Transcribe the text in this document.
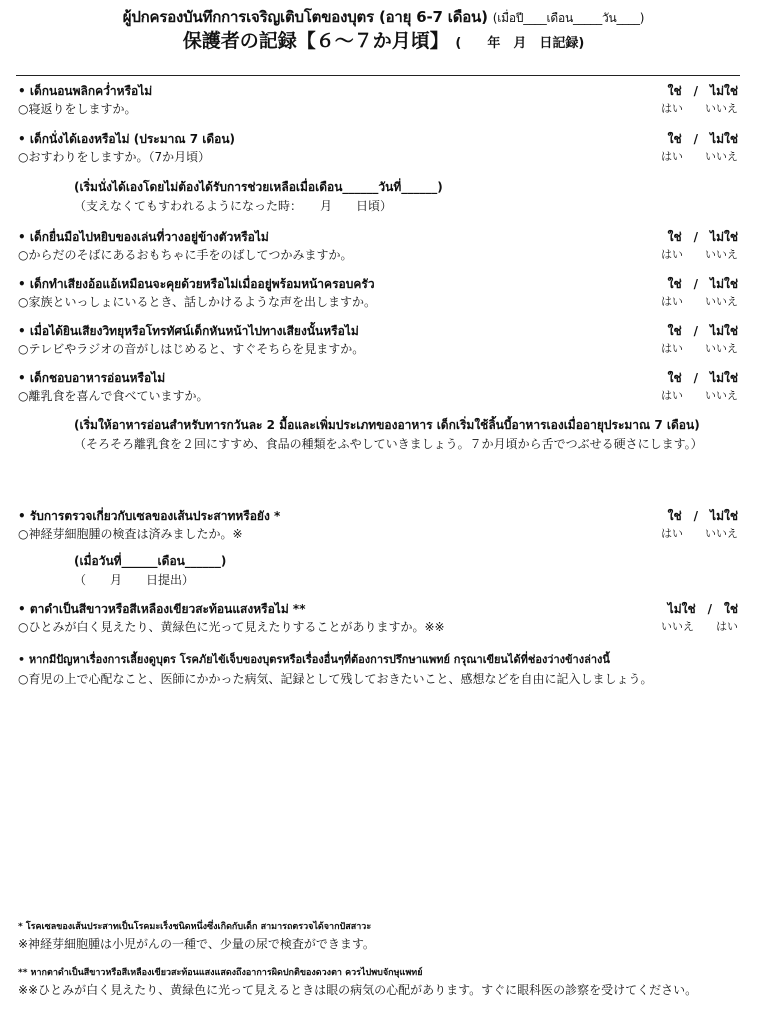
ผู้ปกครองบันทึกการเจริญเติบโตของบุตร (อายุ 6-7 เดือน) (เมื่อปี____เดือน_____วัน____)
保護者の記録【６～７か月頃】 (　　年　月　日記録)
• เด็กนอนพลิกคว่ำหรือไม่
○寝返りをしますか。
ใช่　/　ไม่ใช่
はい　　いいえ
• เด็กนั่งได้เองหรือไม่ (ประมาณ 7 เดือน)
○おすわりをしますか。（7か月頃）
ใช่　/　ไม่ใช่
はい　　いいえ
(เริ่มนั่งได้เองโดยไม่ต้องได้รับการช่วยเหลือเมื่อเดือน______วันที่______)
（支えなくてもすわれるようになった時：　　月　　日頃）
• เด็กยื่นมือไปหยิบของเล่นที่วางอยู่ข้างตัวหรือไม่
○からだのそばにあるおもちゃに手をのばしてつかみますか。
ใช่　/　ไม่ใช่
はい　　いいえ
• เด็กทำเสียงอ้อแอ้เหมือนจะคุยด้วยหรือไม่เมื่ออยู่พร้อมหน้าครอบครัว
○家族といっしょにいるとき、話しかけるような声を出しますか。
ใช่　/　ไม่ใช่
はい　　いいえ
• เมื่อได้ยินเสียงวิทยุหรือโทรทัศน์เด็กหันหน้าไปทางเสียงนั้นหรือไม่
○テレビやラジオの音がしはじめると、すぐそちらを見ますか。
ใช่　/　ไม่ใช่
はい　　いいえ
• เด็กชอบอาหารอ่อนหรือไม่
○離乳食を喜んで食べていますか。
ใช่　/　ไม่ใช่
はい　　いいえ
(เริ่มให้อาหารอ่อนสำหรับทารกวันละ 2 มื้อและเพิ่มประเภทของอาหาร เด็กเริ่มใช้ลิ้นบี้อาหารเองเมื่ออายุประมาณ 7 เดือน)
（そろそろ離乳食を２回にすすめ、食品の種類をふやしていきましょう。７か月頃から舌でつぶせる硬さにします。）
• รับการตรวจเกี่ยวกับเซลของเส้นประสาทหรือยัง *
○神経芽細胞腫の検査は済みましたか。※
ใช่　/　ไม่ใช่
はい　　いいえ
(เมื่อวันที่______เดือน______)
（　　月　　日提出）
• ตาดำเป็นสีขาวหรือสีเหลืองเขียวสะท้อนแสงหรือไม่ **
○ひとみが白く見えたり、黄緑色に光って見えたりすることがありますか。※※
ไม่ใช่　/　ใช่
いいえ　　はい
• หากมีปัญหาเรื่องการเลี้ยงดูบุตร โรคภัยไข้เจ็บของบุตรหรือเรื่องอื่นๆที่ต้องการปรึกษาแพทย์ กรุณาเขียนได้ที่ช่องว่างข้างล่างนี้
○育児の上で心配なこと、医師にかかった病気、記録として残しておきたいこと、感想などを自由に記入しましょう。
* โรคเซลของเส้นประสาทเป็นโรคมะเร็งชนิดหนึ่งซึ่งเกิดกับเด็ก สามารถตรวจได้จากปัสสาวะ
※神経芽細胞腫は小児がんの一種で、少量の尿で検査ができます。
** หากตาดำเป็นสีขาวหรือสีเหลืองเขียวสะท้อนแสงแสดงถึงอาการผิดปกติของดวงตา ควรไปพบจักษุแพทย์
※※ひとみが白く見えたり、黄緑色に光って見えるときは眼の病気の心配があります。すぐに眼科医の診察を受けてください。
